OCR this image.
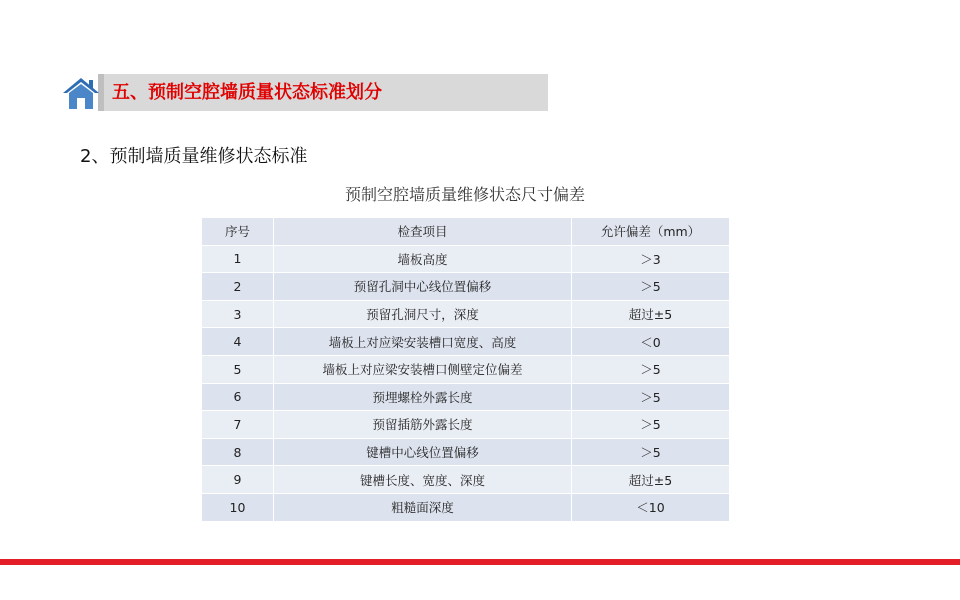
五、预制空腔墙质量状态标准划分
2、预制墙质量维修状态标准
预制空腔墙质量维修状态尺寸偏差
序号	检查项目	允许偏差（mm）
1	墙板高度	＞3
2	预留孔洞中心线位置偏移	＞5
3	预留孔洞尺寸，深度	超过±5
4	墙板上对应梁安装槽口宽度、高度	＜0
5	墙板上对应梁安装槽口侧壁定位偏差	＞5
6	预埋螺栓外露长度	＞5
7	预留插筋外露长度	＞5
8	键槽中心线位置偏移	＞5
9	键槽长度、宽度、深度	超过±5
10	粗糙面深度	＜10
